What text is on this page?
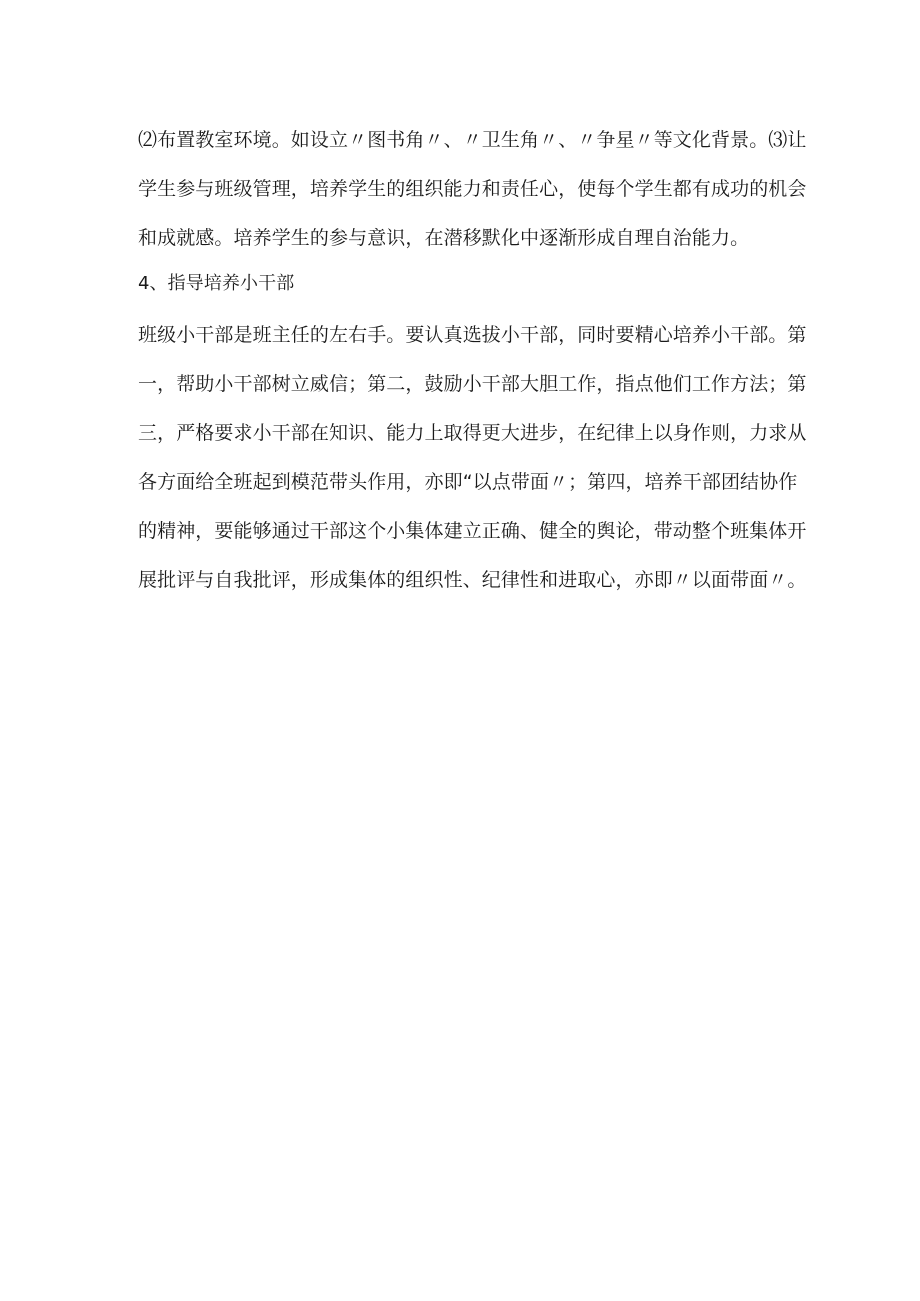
⑵布置教室环境。如设立〃图书角〃、〃卫生角〃、〃争星〃等文化背景。⑶让
学生参与班级管理，培养学生的组织能力和责任心，使每个学生都有成功的机会
和成就感。培养学生的参与意识，在潜移默化中逐渐形成自理自治能力。
4、指导培养小干部
班级小干部是班主任的左右手。要认真选拔小干部，同时要精心培养小干部。第
一，帮助小干部树立威信；第二，鼓励小干部大胆工作，指点他们工作方法；第
三，严格要求小干部在知识、能力上取得更大进步，在纪律上以身作则，力求从
各方面给全班起到模范带头作用，亦即“以点带面〃；第四，培养干部团结协作
的精神，要能够通过干部这个小集体建立正确、健全的舆论，带动整个班集体开
展批评与自我批评，形成集体的组织性、纪律性和进取心，亦即〃以面带面〃。
